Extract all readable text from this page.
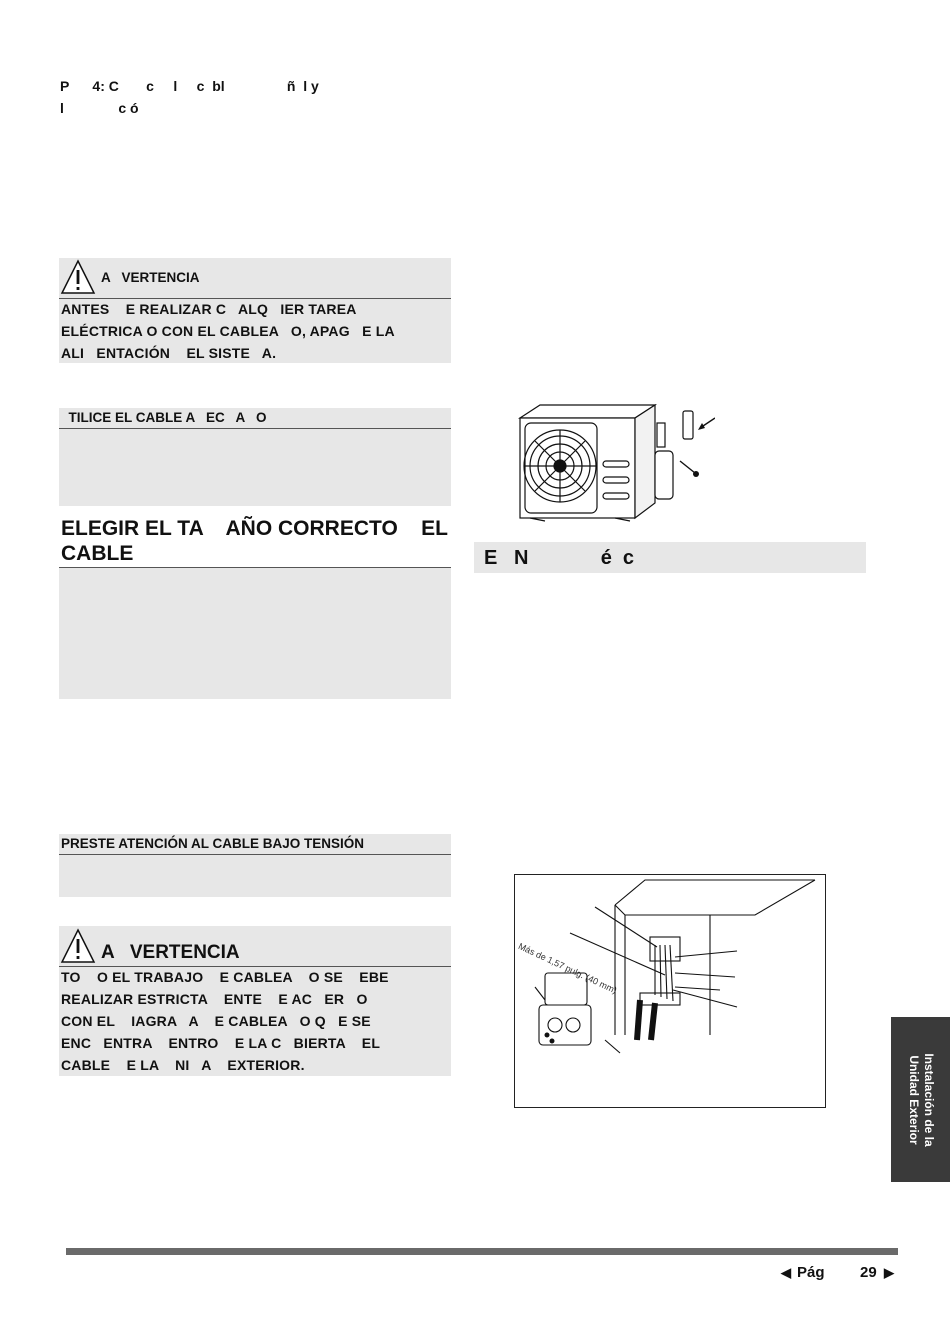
P      4: C       c     l     c  bl                ñ  l y
l              c ó
A   VERTENCIA
ANTES    E REALIZAR C   ALQ   IER TAREA
ELÉCTRICA O CON EL CABLEA   O, APAG   E LA
ALI   ENTACIÓN    EL SISTE   A.
TILICE EL CABLE A   EC   A   O
ELEGIR EL TA    AÑO CORRECTO    EL
CABLE
PRESTE ATENCIÓN AL CABLE BAJO TENSIÓN
A   VERTENCIA
TO    O EL TRABAJO    E CABLEA    O SE    EBE
REALIZAR ESTRICTA    ENTE    E AC   ER   O
CON EL    IAGRA   A    E CABLEA   O Q   E SE
ENC   ENTRA    ENTRO    E LA C   BIERTA    EL
CABLE    E LA    NI   A    EXTERIOR.
E   N             é  c
Más de 1,57 pulg. (40 mm)
Instalación de la
Unidad Exterior
◀ Pág 29 ▶
